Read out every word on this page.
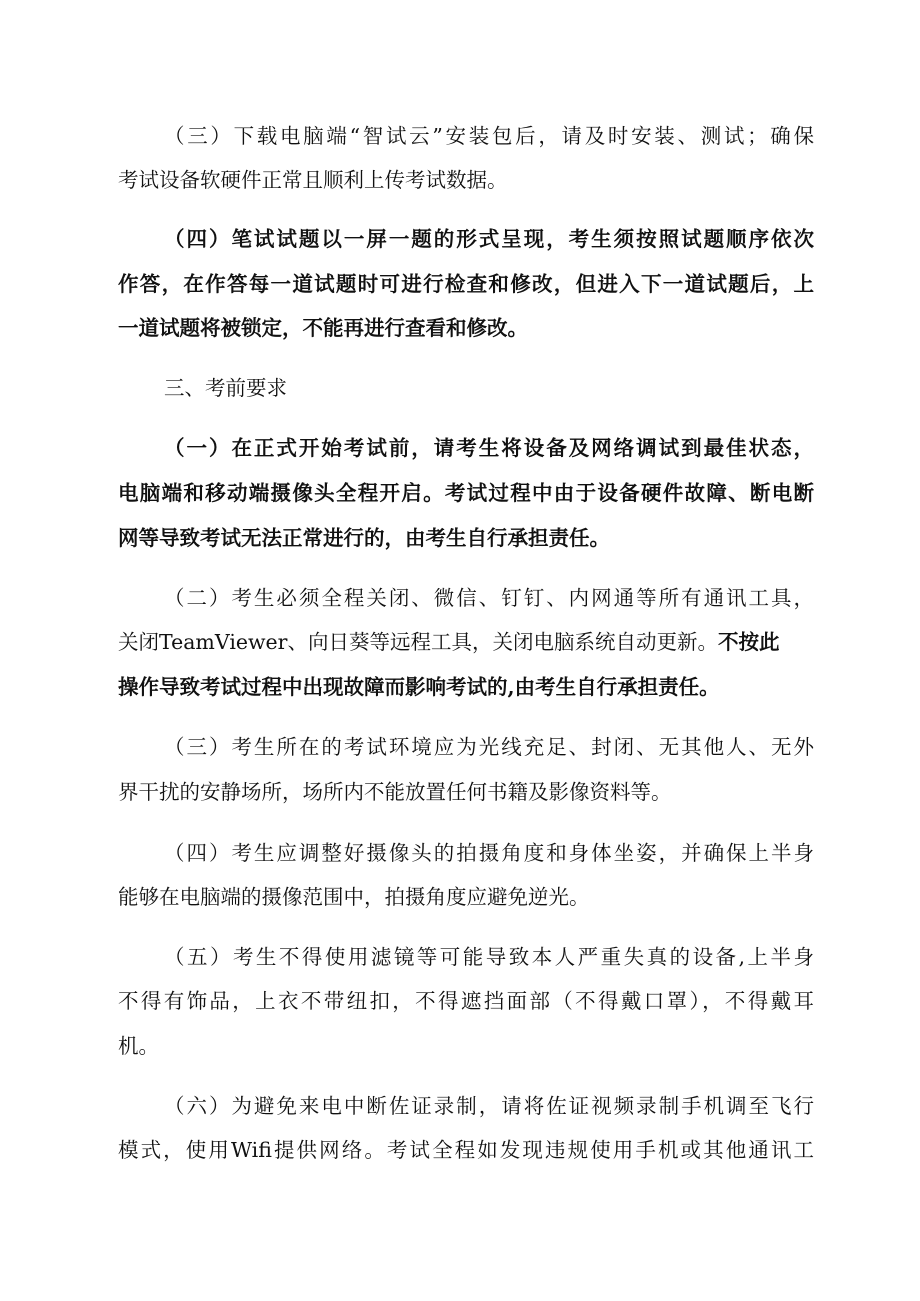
（三）下载电脑端“智试云”安装包后，请及时安装、测试；确保
考试设备软硬件正常且顺利上传考试数据。
（四）笔试试题以一屏一题的形式呈现，考生须按照试题顺序依次
作答，在作答每一道试题时可进行检查和修改，但进入下一道试题后，上
一道试题将被锁定，不能再进行查看和修改。
三、考前要求
（一）在正式开始考试前，请考生将设备及网络调试到最佳状态，
电脑端和移动端摄像头全程开启。考试过程中由于设备硬件故障、断电断
网等导致考试无法正常进行的，由考生自行承担责任。
（二）考生必须全程关闭、微信、钉钉、内网通等所有通讯工具，
关闭TeamViewer、向日葵等远程工具，关闭电脑系统自动更新。不按此
操作导致考试过程中出现故障而影响考试的,由考生自行承担责任。
（三）考生所在的考试环境应为光线充足、封闭、无其他人、无外
界干扰的安静场所，场所内不能放置任何书籍及影像资料等。
（四）考生应调整好摄像头的拍摄角度和身体坐姿，并确保上半身
能够在电脑端的摄像范围中，拍摄角度应避免逆光。
（五）考生不得使用滤镜等可能导致本人严重失真的设备,上半身
不得有饰品，上衣不带纽扣，不得遮挡面部（不得戴口罩），不得戴耳
机。
（六）为避免来电中断佐证录制，请将佐证视频录制手机调至飞行
模式，使用Wifi提供网络。考试全程如发现违规使用手机或其他通讯工
